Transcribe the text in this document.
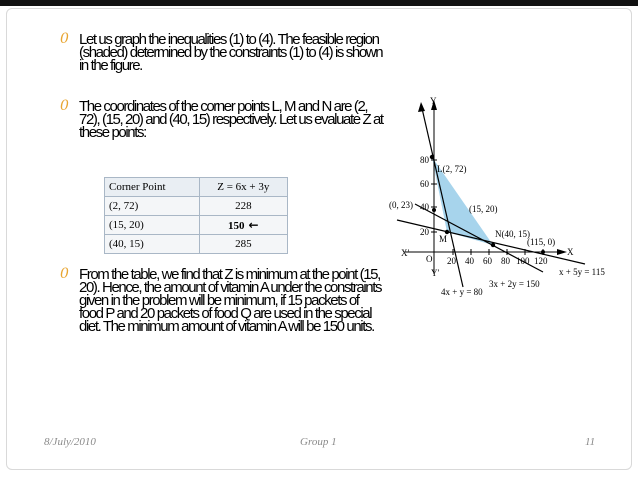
0 Let us graph the inequalities (1) to (4). The feasible region (shaded) determined by the constraints (1) to (4) is shown in the figure.
0 The coordinates of the corner points L, M and N are (2, 72), (15, 20) and (40, 15) respectively. Let us evaluate Z at these points:
Corner Point	Z = 6x + 3y
(2, 72)	228
(15, 20)	150 ←
(40, 15)	285
Y
X
X′
Y′
O
20
40
60
80
20 40 60 80 100 120
L(2, 72)
M	N(40, 15)
(15, 20)
(0, 23)
(115, 0)
x + 5y = 115
3x + 2y = 150
4x + y = 80
0 From the table, we find that Z is minimum at the point (15, 20). Hence, the amount of vitamin A under the constraints given in the problem will be minimum, if 15 packets of food P and 20 packets of food Q are used in the special diet. The minimum amount of vitamin A will be 150 units.
8/July/2010	Group 1	11
